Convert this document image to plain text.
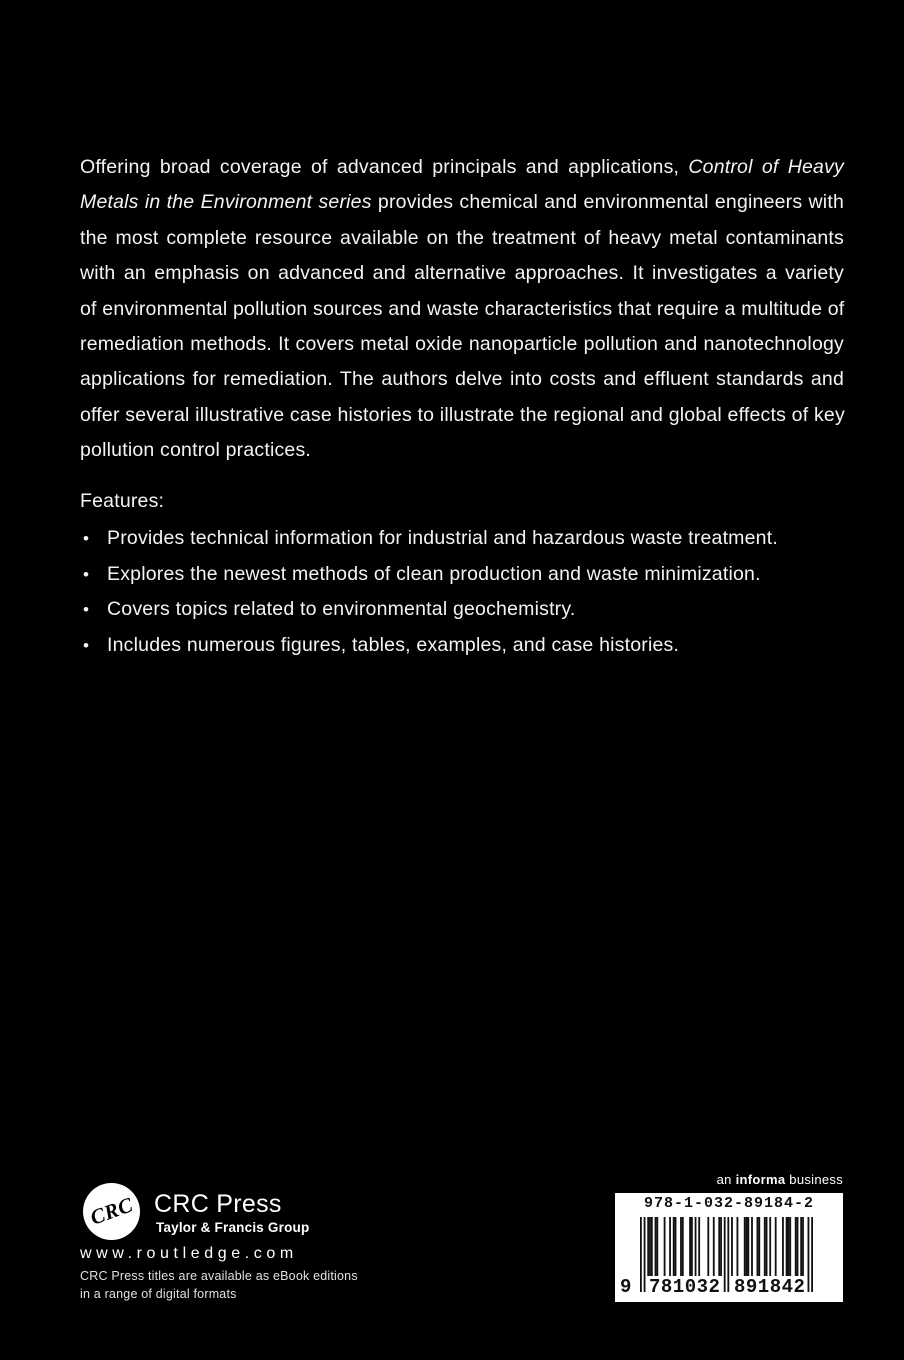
Offering broad coverage of advanced principals and applications, Control of Heavy
Metals in the Environment series provides chemical and environmental engineers with
the most complete resource available on the treatment of heavy metal contaminants
with an emphasis on advanced and alternative approaches. It investigates a variety
of environmental pollution sources and waste characteristics that require a multitude of
remediation methods. It covers metal oxide nanoparticle pollution and nanotechnology
applications for remediation. The authors delve into costs and effluent standards and
offer several illustrative case histories to illustrate the regional and global effects of key
pollution control practices.
Features:
• Provides technical information for industrial and hazardous waste treatment.
• Explores the newest methods of clean production and waste minimization.
• Covers topics related to environmental geochemistry.
• Includes numerous figures, tables, examples, and case histories.
CRC CRC Press
Taylor & Francis Group
www.routledge.com
CRC Press titles are available as eBook editions
in a range of digital formats
an informa business
978-1-032-89184-2
9 781032 891842
